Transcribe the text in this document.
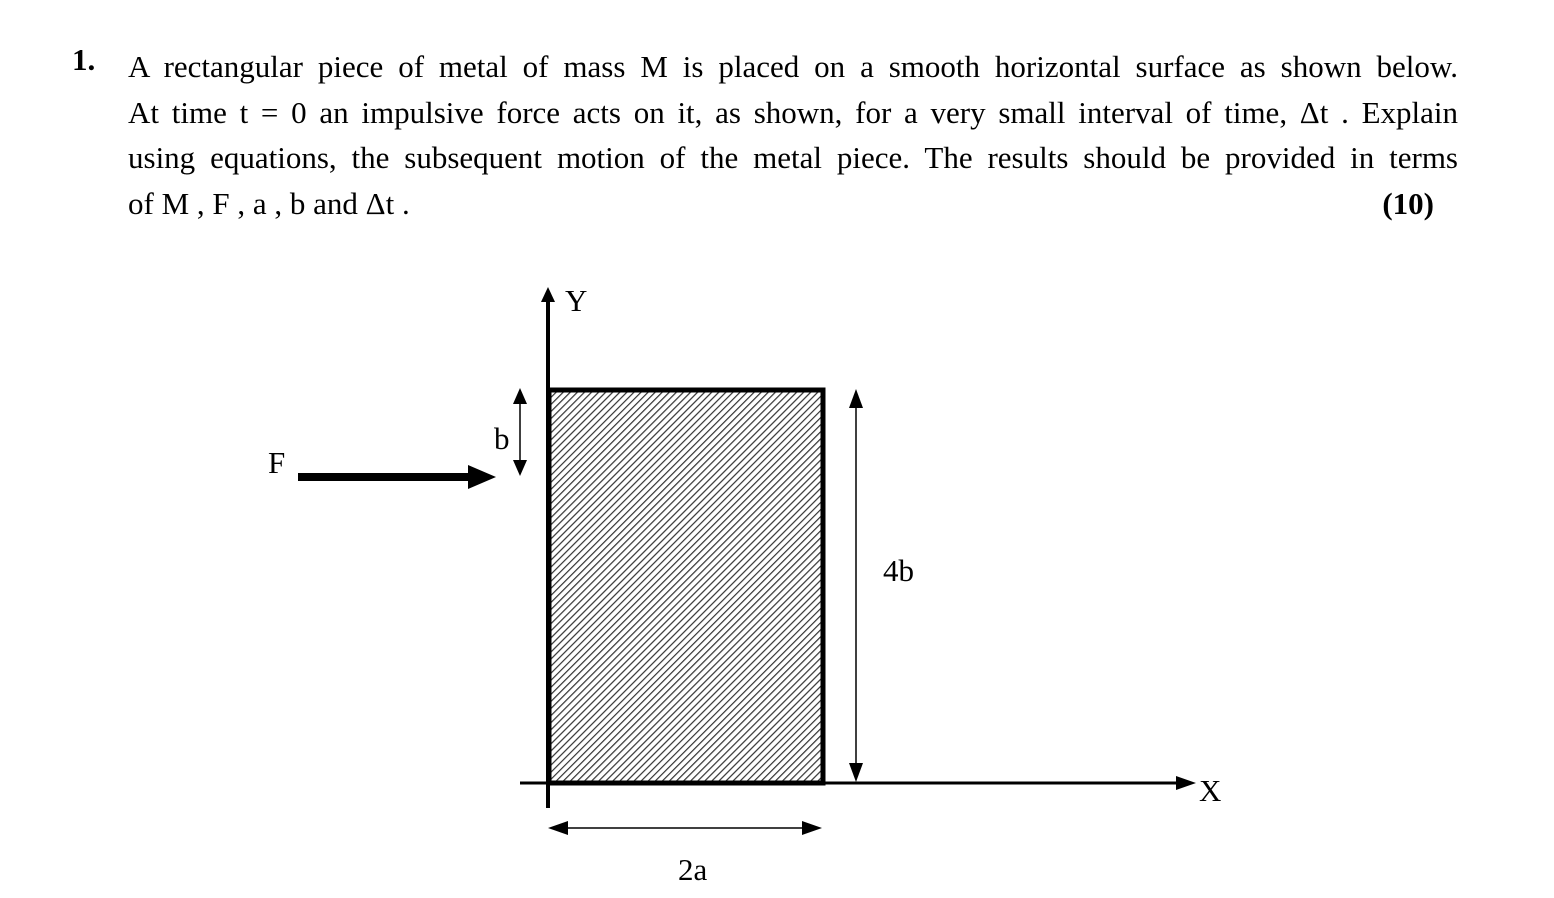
1. A rectangular piece of metal of mass M is placed on a smooth horizontal surface as shown below.
At time t = 0 an impulsive force acts on it, as shown, for a very small interval of time, Δt . Explain
using equations, the subsequent motion of the metal piece. The results should be provided in terms
of M , F , a , b and Δt .	(10)
F
Y
X
b
4b
2a
